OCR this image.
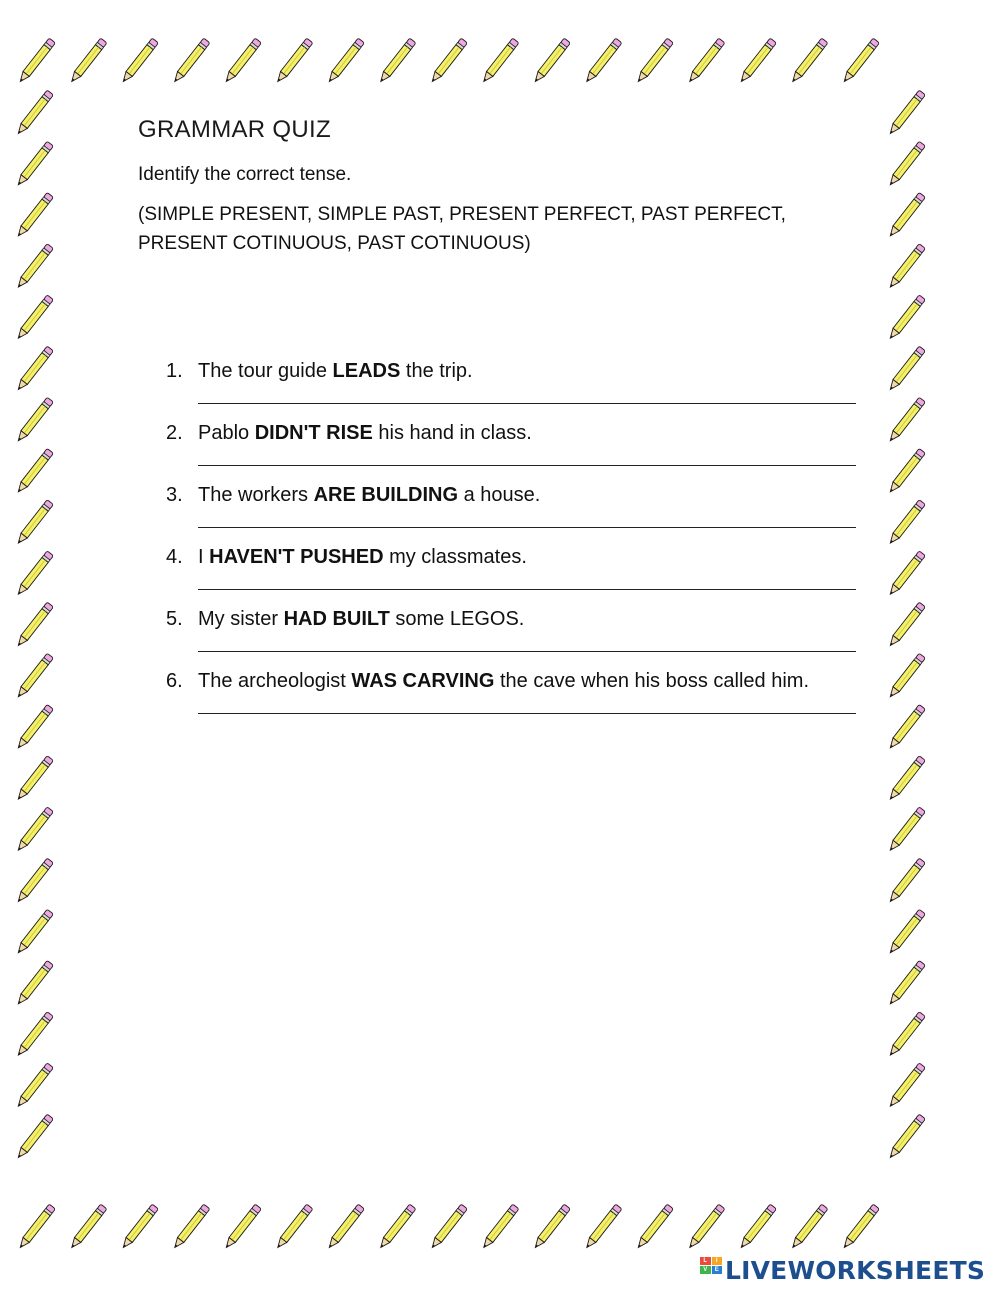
GRAMMAR QUIZ

Identify the correct tense.

(SIMPLE PRESENT, SIMPLE PAST, PRESENT PERFECT, PAST PERFECT, PRESENT COTINUOUS, PAST COTINUOUS)

1. The tour guide LEADS the trip.
2. Pablo DIDN'T RISE his hand in class.
3. The workers ARE BUILDING a house.
4. I HAVEN'T PUSHED my classmates.
5. My sister HAD BUILT some LEGOS.
6. The archeologist WAS CARVING the cave when his boss called him.
L	I
V	E LIVEWORKSHEETS
